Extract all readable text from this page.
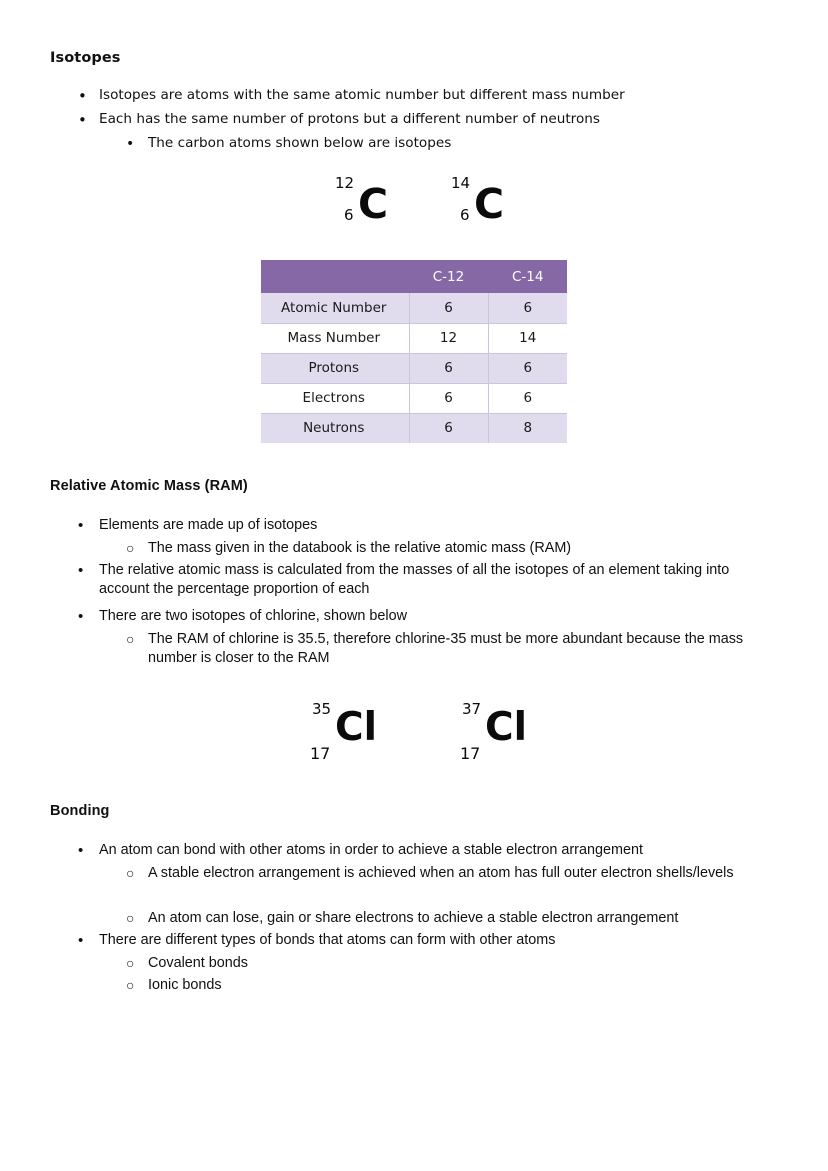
Isotopes
• Isotopes are atoms with the same atomic number but different mass number
• Each has the same number of protons but a different number of neutrons
•	The carbon atoms shown below are isotopes
12
6 C	14
6 C
	C-12	C-14
Atomic Number	6	6
Mass Number	12	14
Protons	6	6
Electrons	6	6
Neutrons	6	8
Relative Atomic Mass (RAM)
•	Elements are made up of isotopes
○ The mass given in the databook is the relative atomic mass (RAM)
•	The relative atomic mass is calculated from the masses of all the isotopes of an element taking into account the percentage proportion of each
•	There are two isotopes of chlorine, shown below
○ The RAM of chlorine is 35.5, therefore chlorine-35 must be more abundant because the mass number is closer to the RAM
35
17
Cl	37
17
Cl
Bonding
•	An atom can bond with other atoms in order to achieve a stable electron arrangement
○ A stable electron arrangement is achieved when an atom has full outer electron shells/levels
○ An atom can lose, gain or share electrons to achieve a stable electron arrangement
•	There are different types of bonds that atoms can form with other atoms
○ Covalent bonds
○ Ionic bonds
